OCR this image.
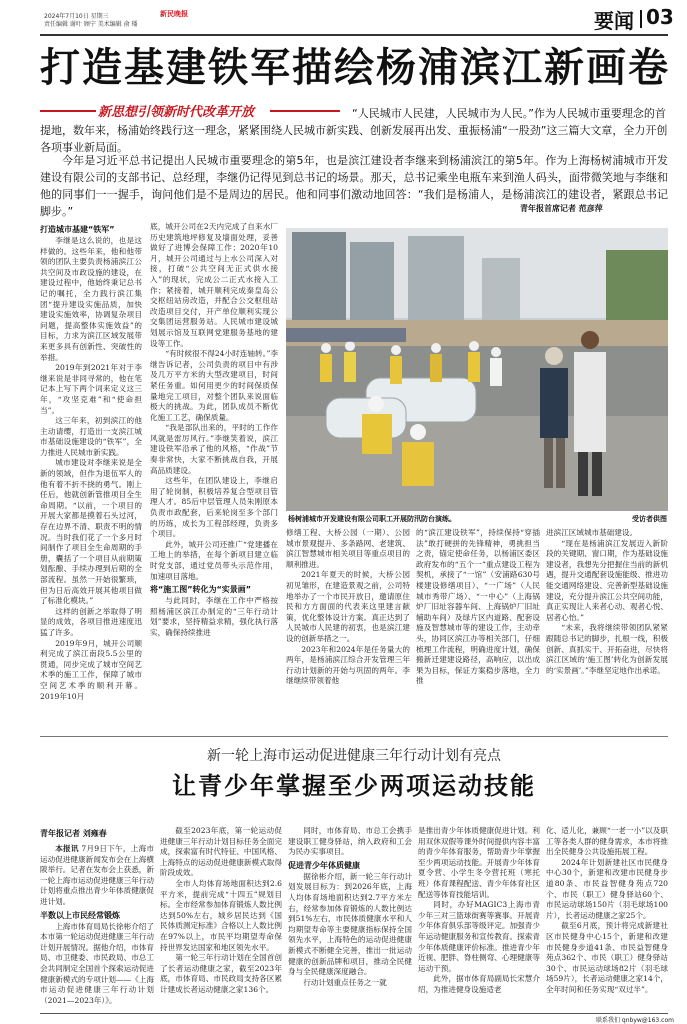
2024年7月10日 星期三
责任编辑 谢叶 顾宁 美术编辑 俞 璠
新民晚报	要闻 03
打造基建铁军描绘杨浦滨江新画卷
新思想引领新时代改革开放	“人民城市人民建，人民城市为人民。”作为人民城市重要理念的首提地，数年来，杨浦始终践行这一理念，紧紧围绕人民城市新实践、创新发展再出发、重振杨浦“一股劲”这三篇大文章，全力开创各项事业新局面。
今年是习近平总书记提出人民城市重要理念的第5年，也是滨江建设者李继来到杨浦滨江的第5年。作为上海杨树浦城市开发建设有限公司的支部书记、总经理，李继仍记得见到总书记的场景。那天，总书记乘坐电瓶车来到渔人码头，面带微笑地与李继和他的同事们一一握手，询问他们是不是周边的居民。他和同事们激动地回答：“我们是杨浦人，是杨浦滨江的建设者，紧跟总书记脚步。”	青年报首席记者 范彦萍
打造城市基建“铁军”

李继是这么说的，也是这样做的。这些年来，他和他带领的团队主要负责杨浦滨江公共空间及市政设施的建设，在建设过程中，他始终秉记总书记的嘱托，全力践行滨江集团“提升建设实施品质，加快建设实施效率，协调复杂项目问题，提高整体实施效益”的目标，力求为滨江区域发展带来更多具有创新性、突破性的举措。

2019年到2021年对于李继来说是非同寻常的，他在笔记本上写下两个词来定义这三年，“攻坚克难”和“使命担当”。

这三年来，初到滨江的他主动请缨，打造出一支滨江城市基础设施建设的“铁军”，全力推进人民城市新实践。

城市建设对李继来说是全新的领域，但作为退伍军人的他有着不折不挠的勇气。刚上任后，他就创新管推项目全生命周期。“以前，一个项目的开展大家都是摸着石头过河，存在边界不清、职责不明的情况。当时我们花了一个多月时间制作了项目全生命周期的手册，囊括了一个项目从前期策划酝酿、手续办理到后期的全部流程。虽然一开始很繁琐，但为日后高效开展其他项目做了标准化模块。”

这样的创新之举取得了明显的成效，各项目推进速度迅猛了许多。

2019年9月，城开公司顺利完成了滨江南段5.5公里的贯通，同步完成了城市空间艺术季的施工工作，保障了城市空间艺术季的顺利开幕。2019年10月

底，城开公司在2天内完成了自来水厂历史建筑地坪修复及墙面处理，妥善做好了进博会保障工作；2020年10月，城开公司通过与上水公司深入对接，打破“公共空间无正式供水接入”的现状，完成公二正式水接入工作；紧接着，城开顺利完成秦皇岛公交枢纽站房改造，并配合公交枢纽站改造项目交付，开产单位顺利实现公交集团运营服务站。人民城市建设城划展示馆及互联网党建服务基地的建设等工作。

“有时候很不得24小时连轴转。”李继告诉记者，公司负责的项目中有涉及几万平方米的大型改建项目，时间紧任务重。如何用更少的时间保质保量地完工项目，对整个团队来说面临极大的挑战。为此，团队成员不断优化施工工艺，确保质量。

“我是部队出来的，平时的工作作风就是雷厉风行。”李继笑着说，滨江建设铁军沿承了他的风格，“作战”节奏非常快，大家不断挑战自我，开展高品质建设。

这些年，在团队建设上，李继启用了轮岗制，积极培养复合型项目管理人才。85后中层管理人员朱刚原本负责市政配套，后来轮岗至多个部门的历练，成长为工程部经理，负责多个项目。

此外，城开公司还推广“党建播在工地上的举措，在每个新项目建立临时党支部，通过党员带头示范作用，加速项目落地。

将“施工图”转化为“实景画”

与此同时，李继在工作中严格按照杨浦区滨江办制定的“三年行动计划”要求，坚持精益求精，强化执行落实，确保持续推进

杨树浦城市开发建设有限公司职工开展防汛防台演练。	受访者供图

修缮工程、大桥公园（一期）、公园城市景观提升、多条路网、老建筑、滨江智慧城市相关项目等重点项目的顺利推进。

2021年夏天的时候，大桥公园初见雏形，在建造景观之前，公司特地举办了一个市民开放日，邀请原住民和方方面面的代表来这里建言献策，优化整体设计方案。真正达到了人民城市人民建的初衷，也是滨江建设的创新举措之一。

2023年和2024年是任务量大的两年，是杨浦滨江综合开发管理三年行动计划新的开始与巩固的两年。李继继续带领着他

的“滨江建设铁军”，持续保持“穿插法”敢打硬拼的先锋精神，勇挑担当之责，锚定使命任务，以杨浦区委区政府发布的“五个一”重点建设工程为契机，承接了“一馆”（安浦路630号楼建设修缮项目）、“一广场”（人民城市秀带广场）、“一中心”（上海锅炉厂旧址容器车间、上海锅炉厂旧址辅助车间）及绿片区内道路、配套设施及智慧城市等的建设工作，主动牵头，协同区滨江办等相关部门，仔细梳理工作流程，明确进度计划，确保搬新迁建建设路径，高响应，以出成果为目标，保证方案稳步落地，全力推

进滨江区域城市基础建设。

“现在是杨浦滨江发展迈入新阶段的关键期、窗口期，作为基础设施建设者，我想先分把握住当前的新机遇，提升交通配套设施能级、推进功能交通网络建设、完善新型基础设施建设，充分提升滨江公共空间功能，真正实现让人来者心动、观者心悦、居者心怡。”

“未来，我将继续带领团队紧紧跟随总书记的脚步，扎根一线，积极创新、真抓实干、开拓奋进，尽快将滨江区域的‘施工图’转化为创新发展的‘实景画’。”李继坚定地作出承诺。

新一轮上海市运动促进健康三年行动计划有亮点
让青少年掌握至少两项运动技能
青年报记者 刘雍春

本报讯 7月9日下午，上海市运动促进健康新闻发布会在上海横陂举行。记者在发布会上获悉，新一轮上海市运动促进健康三年行动计划将重点推出青少年体质健康促进计划。

半数以上市民经常锻炼

上海市体育局局长徐彬介绍了本市第一轮运动促进健康三年行动计划开展情况。据他介绍，市体育局、市卫健委、市民政局、市总工会共同制定全国首个探索运动促进健康新模式的专项计划——《上海市运动促进健康三年行动计划（2021—2023年）》。

截至2023年底，第一轮运动促进健康三年行动计划目标任务全面完成，探索富有时代特征、中国风格、上海特点的运动促进健康新模式取得阶段成效。

全市人均体育场地面积达到2.6平方米，提前完成“十四五”规划目标。全市经常参加体育锻炼人数比例达到50%左右，城乡居民达到《国民体质测定标准》合格以上人数比例在97%以上，市民平均期望寿命保持世界发达国家和地区领先水平。

第一轮三年行动计划在全国首创了长者运动健康之家，截至2023年底，市体育局、市民政局支持各区累计建成长者运动健康之家136个。

同时，市体育局、市总工会携手建设职工健身驿站，纳入政府和工会为民办实事项目。

促进青少年体质健康

据徐彬介绍，新一轮三年行动计划发展目标为：到2026年底，上海人均体育场地面积达到2.7平方米左右，经常参加体育锻炼的人数比例达到51%左右，市民体质健康水平和人均期望寿命等主要健康指标保持全国领先水平，上海特色的运动促进健康新模式不断健全完善，推出一批运动健康的创新品牌和项目，推动全民健身与全民健康深度融合。

行动计划重点任务之一就

是推出青少年体质健康促进计划。利用双休双假等课外时间提供内容丰富的青少年体育服务，帮助青少年掌握至少两项运动技能。开展青少年体育夏令营、小学生冬令营托班（寒托班）体育课程配送、青少年体育社区配送等体育技能培训。

同时，办好MAGIC3上海市青少年三对三篮球街赛等赛事。开展青少年体育俱乐部等级评定。加强青少年运动健康服务和宣传教育。探索青少年体质健康评价标准。推进青少年近视、肥胖、脊柱侧弯、心理健康等运动干预。

此外，据市体育局副局长宋慧介绍，为推进健身设施适老

化、适儿化，兼顾“一老一小”以及职工等各类人群的健身需求，本市将推出全民健身公共设施拓展工程。

2024年计划新建社区市民健身中心30个，新建和改建市民健身步道80条、市民益智健身苑点720个、市民（职工）健身驿站60个、市民运动球场150片（羽毛球场100片），长者运动健康之家25个。

截至6月底，预计将完成新建社区市民健身中心15个，新建和改建市民健身步道41条、市民益智健身苑点362个、市民（职工）健身驿站30个、市民运动球场82片（羽毛球场59片），长者运动健康之家14个，全年时间和任务实现“双过半”。

联系我们 qnbyw@163.com
